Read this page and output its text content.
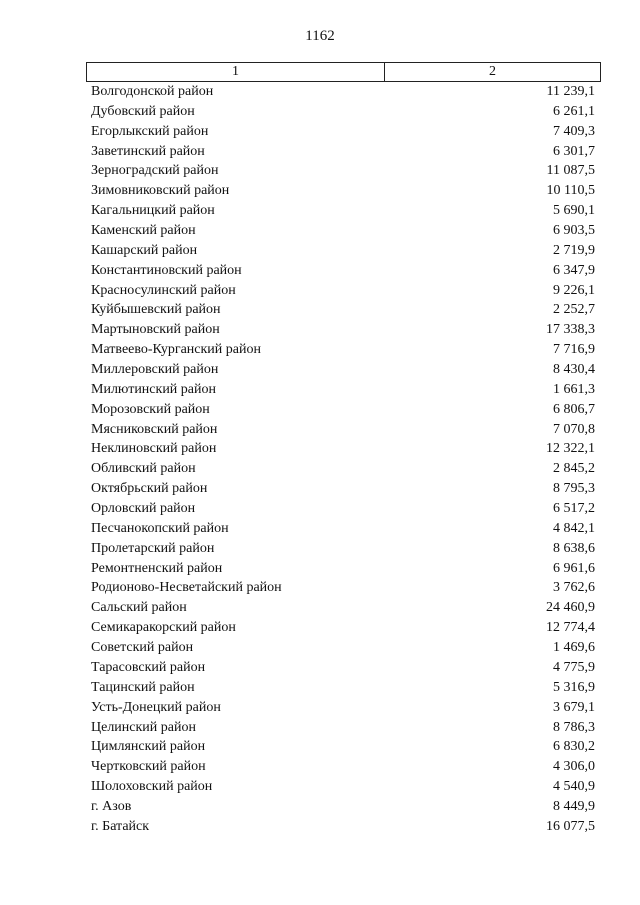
1162
1	2
Волгодонской район	11 239,1
Дубовский район	6 261,1
Егорлыкский район	7 409,3
Заветинский район	6 301,7
Зерноградский район	11 087,5
Зимовниковский район	10 110,5
Кагальницкий район	5 690,1
Каменский район	6 903,5
Кашарский район	2 719,9
Константиновский район	6 347,9
Красносулинский район	9 226,1
Куйбышевский район	2 252,7
Мартыновский район	17 338,3
Матвеево-Курганский район	7 716,9
Миллеровский район	8 430,4
Милютинский район	1 661,3
Морозовский район	6 806,7
Мясниковский район	7 070,8
Неклиновский район	12 322,1
Обливский район	2 845,2
Октябрьский район	8 795,3
Орловский район	6 517,2
Песчанокопский район	4 842,1
Пролетарский район	8 638,6
Ремонтненский район	6 961,6
Родионово-Несветайский район	3 762,6
Сальский район	24 460,9
Семикаракорский район	12 774,4
Советский район	1 469,6
Тарасовский район	4 775,9
Тацинский район	5 316,9
Усть-Донецкий район	3 679,1
Целинский район	8 786,3
Цимлянский район	6 830,2
Чертковский район	4 306,0
Шолоховский район	4 540,9
г. Азов	8 449,9
г. Батайск	16 077,5
